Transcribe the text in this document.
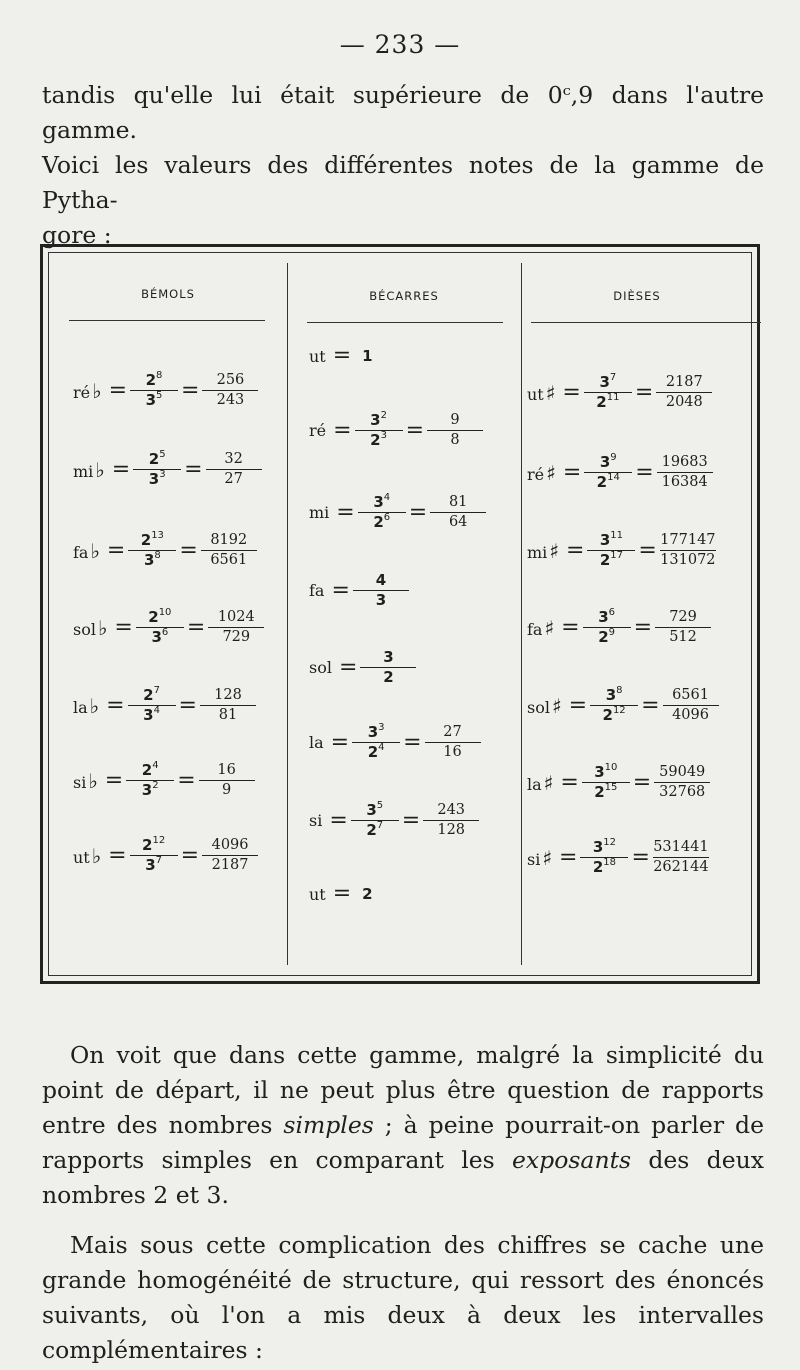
— 233 —
tandis qu'elle lui était supérieure de 0ᶜ,9 dans l'autre gamme.
Voici les valeurs des différentes notes de la gamme de Pytha-
gore :
BÉMOLS	BÉCARRES	DIÈSES
ré ♭ = $\frac{2^8}{3^5} = \frac{256}{243}$
mi ♭ = $\frac{2^5}{3^3} = \frac{32}{27}$
fa ♭ = $\frac{2^{13}}{3^8} = \frac{8192}{6561}$
sol ♭ = $\frac{2^{10}}{3^6} = \frac{1024}{729}$
la ♭ = $\frac{2^7}{3^4} = \frac{128}{81}$
si ♭ = $\frac{2^4}{3^2} = \frac{16}{9}$
ut ♭ = $\frac{2^{12}}{3^7} = \frac{4096}{2187}$
ut ♯ = $\frac{3^7}{2^{11}} = \frac{2187}{2048}$
ré ♯ = $\frac{3^9}{2^{14}} = \frac{19683}{16384}$
mi ♯ = $\frac{3^{11}}{2^{17}} = \frac{177147}{131072}$
fa ♯ = $\frac{3^6}{2^9} = \frac{729}{512}$
sol ♯ = $\frac{3^8}{2^{12}} = \frac{6561}{4096}$
la ♯ = $\frac{3^{10}}{2^{15}} = \frac{59049}{32768}$
si ♯ = $\frac{3^{12}}{2^{18}} = \frac{531441}{262144}$
ut = 1
ré = $\frac{3^2}{2^3} = \frac{9}{8}$
mi = $\frac{3^4}{2^6} = \frac{81}{64}$
fa = $\frac{4}{3}$
sol = $\frac{3}{2}$
la = $\frac{3^3}{2^4} = \frac{27}{16}$
si = $\frac{3^5}{2^7} = \frac{243}{128}$
ut = 2
On voit que dans cette gamme, malgré la simplicité du point de départ, il ne peut plus être question de rapports entre des nombres simples ; à peine pourrait-on parler de rapports simples en comparant les exposants des deux nombres 2 et 3.
Mais sous cette complication des chiffres se cache une grande homogénéité de structure, qui ressort des énoncés suivants, où l'on a mis deux à deux les intervalles complémentaires :
